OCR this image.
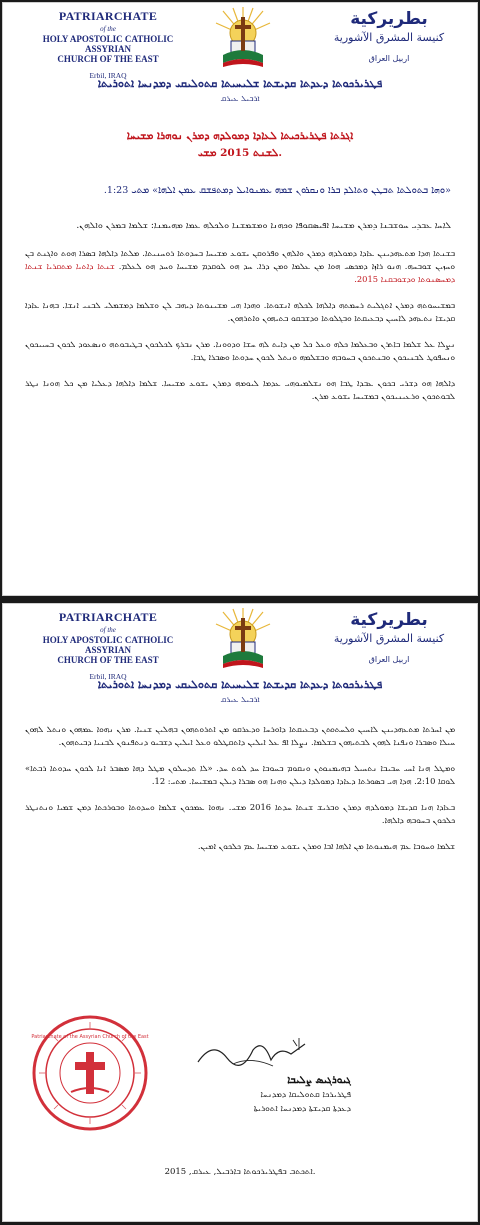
PATRIARCHATE
of the
HOLY APOSTOLIC CATHOLIC ASSYRIAN
CHURCH OF THE EAST
Erbil, IRAQ
بطريركية
كنيسة المشرق الآشورية
اربيل العراق
ܦܛܪܝܪܟܘܬܐ ܕܥܕܬܐ ܩܕܝܫܬܐ ܫܠܝܚܝܬܐ ܩܬܘܠܝܩܝ ܕܡܕܢܚܐ ܐܬܘܪܝܬܐ
ܐܪܒܝܠ ܥܝܪܩ
ܐܓܪܬܐ ܦܛܪܝܪܟܝܬܐ ܠܥܐܕܐ ܕܡܘܠܕܗ ܕܡܪܢ ܢܘܗܪܐ ܡܫܝܚܐ
ܠܫܢܬ 2015 ܡܫܝ.
«ܘܗܐ ܒܬܘܠܬܐ ܬܒܛܢ ܘܬܐܠܕ ܒܪܐ ܘܢܩܪܘܢ ܫܡܗ ܥܡܢܘܐܝܠ ܕܡܬܦܫܩ ܥܡܢ ܐܠܗܐ» ܡܬܝ 1:23.
ܠܐܚܐ ܥܒܕܝ ܚܘܫܒܢܐ ܕܡܪܢ ܡܫܝܚܐ ܐܦܝܣܩܘܦܐ ܘܟܗܢܐ ܘܡܫܡܫܢܐ ܘܠܟܠܗ ܥܡܐ ܡܗܝܡܢܐ: ܫܠܡܐ ܒܡܪܢ ܘܐܠܗܢ.
ܒܫܢܬܐ ܗܕܐ ܡܬܥܗܕܝܢܢ ܥܐܕܐ ܕܡܘܠܕܗ ܕܡܪܢ ܘܐܠܗܢ ܘܦܪܘܩܢ ܝܫܘܥ ܡܫܝܚܐ ܒܚܕܘܬܐ ܪܘܚܢܝܬܐ. ܡܠܬܐ ܕܐܠܗܐ ܒܣܪܐ ܗܘܬ ܘܐܓܢܬ ܒܢ ܘܚܙܝܢ ܫܘܒܚܗ. ܗܢܘ ܪܐܙܐ ܕܡܟܣܝ ܗܘܐ ܡܢ ܥܠܡܐ ܘܡܢ ܕܪܐ. ܚܕ ܗܘ ܠܘܩܕܡ ܡܫܝܚܐ ܘܚܕ ܗܘ ܠܥܠܡ. ܫܢܬܐ ܕܐܬܝܐ ܡܬܩܪܝܐ ܫܢܬܐ ܕܡܚܣܢܘܬܐ ܘܕܫܘܒܩܢܐ 2015.
ܒܡܫܝܚܘܬܗ ܕܡܪܢ ܐܬܓܠܝܬ ܪܚܡܬܗ ܕܐܠܗܐ ܠܟܠܗ ܐܢܫܘܬܐ. ܘܗܕܐ ܗܝ ܡܫܝܢܘܬܐ ܕܝܗܒ ܠܢ ܘܫܠܡܐ ܕܡܫܡܠܝ ܠܒܢܝ ܐܢܫܐ. ܒܗܢܐ ܥܐܕܐ ܩܕܝܫܐ ܢܬܥܗܕ ܠܐܚܝܢ ܕܒܥܝܩܬܐ ܘܒܓܠܘܬܐ ܘܕܫܒܩܘ ܒܬܝܗܘܢ ܘܐܬܪܗܘܢ.
ܢܨܠܐ ܥܠ ܫܠܡܐ ܒܐܬܪܢ ܘܒܥܠܡܐ ܟܠܗ ܘܥܠ ܟܠ ܡܢ ܕܐܝܬ ܠܗ ܚܫܐ ܘܕܘܘܢܐ. ܡܪܢ ܢܒܪܟ ܠܟܠܟܘܢ ܒܛܝܒܘܬܗ ܘܢܣܥܘܕ ܠܟܘܢ ܒܚܝܝܟܘܢ ܘܢܚܦܘܛ ܠܒܢܝܟܘܢ ܘܒܢܬܟܘܢ ܒܚܘܒܗ ܘܒܫܠܡܗ ܘܢܬܠ ܠܟܘܢ ܚܕܘܬܐ ܘܣܒܪܐ ܛܒܐ.
ܕܐܠܗܐ ܗܘ ܕܫܪܝ ܒܟܘܢ ܥܒܕܐ ܛܒܐ ܗܘ ܢܫܠܡܝܘܗܝ ܥܕܡܐ ܠܝܘܡܗ ܕܡܪܢ ܝܫܘܥ ܡܫܝܚܐ. ܫܠܡܐ ܕܐܠܗܐ ܕܥܠܝܐ ܡܢ ܟܠ ܗܘܢܐ ܢܛܪ ܠܒܘܬܟܘܢ ܘܪܥܝܢܝܟܘܢ ܒܡܫܝܚܐ ܝܫܘܥ ܡܪܢ.
PATRIARCHATE
of the
HOLY APOSTOLIC CATHOLIC ASSYRIAN
CHURCH OF THE EAST
Erbil, IRAQ
بطريركية
كنيسة المشرق الآشورية
اربيل العراق
ܦܛܪܝܪܟܘܬܐ ܕܥܕܬܐ ܩܕܝܫܬܐ ܫܠܝܚܝܬܐ ܩܬܘܠܝܩܝ ܕܡܕܢܚܐ ܐܬܘܪܝܬܐ
ܐܪܒܝܠ ܥܝܪܩ
ܡܢ ܐܚܪܬܐ ܡܬܥܗܕܝܢܢ ܠܐܚܝܢ ܘܠܚܬܘܬܢ ܕܒܥܝܩܬܐ ܕܐܘܪܚܐ ܘܕܥܪܩܘ ܡܢ ܐܬܪܘܬܗܘܢ ܒܗܠܝܢ ܫܢܝܐ. ܡܪܢ ܢܗܘܐ ܥܡܗܘܢ ܘܢܬܠ ܠܗܘܢ ܚܝܠܐ ܘܣܒܪܐ ܘܢܦܢܐ ܠܗܘܢ ܠܒܬܝܗܘܢ ܒܫܠܡܐ. ܢܨܠܐ ܐܦ ܥܠ ܐܝܠܝܢ ܕܐܬܩܛܠܘ ܘܥܠ ܐܝܠܝܢ ܕܫܒܝܘ ܕܢܬܦܢܘܢ ܠܒܢܝܐ ܕܒܝܬܗܘܢ.
ܘܡܛܠ ܗܢܐ ܐܚܝ ܚܒܝܒܐ ܢܬܚܝܠ ܒܗܝܡܢܘܬܢ ܘܢܩܘܡ ܒܚܘܒܐ ܚܕ ܠܘܬ ܚܕ. «ܠܐ ܬܕܚܠܘܢ ܡܛܠ ܕܗܐ ܡܣܒܪ ܐܢܐ ܠܟܘܢ ܚܕܘܬܐ ܪܒܬܐ» ܠܘܩܐ 2:10. ܗܕܐ ܗܝ ܒܣܘܪܬܐ ܕܥܐܕܐ ܕܡܘܠܕܐ ܕܝܠܢ ܘܗܢܐ ܗܘ ܣܒܪܐ ܕܝܠܢ ܒܡܫܝܚܐ. ܡܬܝ: 12.
ܒܥܐܕܐ ܗܢܐ ܩܕܝܫܐ ܕܡܘܠܕܗ ܕܡܪܢ ܘܒܪܝܫ ܫܢܬܐ ܚܕܬܐ 2016 ܡܫܝ. ܢܗܘܐ ܥܡܟܘܢ ܫܠܡܐ ܘܚܕܘܬܐ ܘܒܘܪܟܬܐ ܕܡܢ ܫܡܝܐ ܘܢܬܢܛܪ ܟܠܟܘܢ ܒܚܘܒܗ ܕܐܠܗܐ.
ܫܠܡܐ ܘܚܘܒܐ ܥܡ ܗܝܡܢܘܬܐ ܡܢ ܐܠܗܐ ܐܒܐ ܘܡܪܢ ܝܫܘܥ ܡܫܝܚܐ ܥܡ ܟܠܟܘܢ ܐܡܝܢ.
Patriarchate of the Assyrian Church of the East
ܓܝܘܪܓܝܣ ܨܠܝܒܐ
ܦܛܪܝܪܟܐ ܩܬܘܠܝܩܐ ܕܡܕܢܚܐ
ܕܥܕܬܐ ܩܕܝܫܬܐ ܕܡܕܢܚܐ ܐܬܘܪܝܬܐ
ܐܬܟܬܒ ܒܦܛܪܝܪܟܘܬܐ ܒܐܪܒܝܠ, ܥܝܪܩ, 2015.
